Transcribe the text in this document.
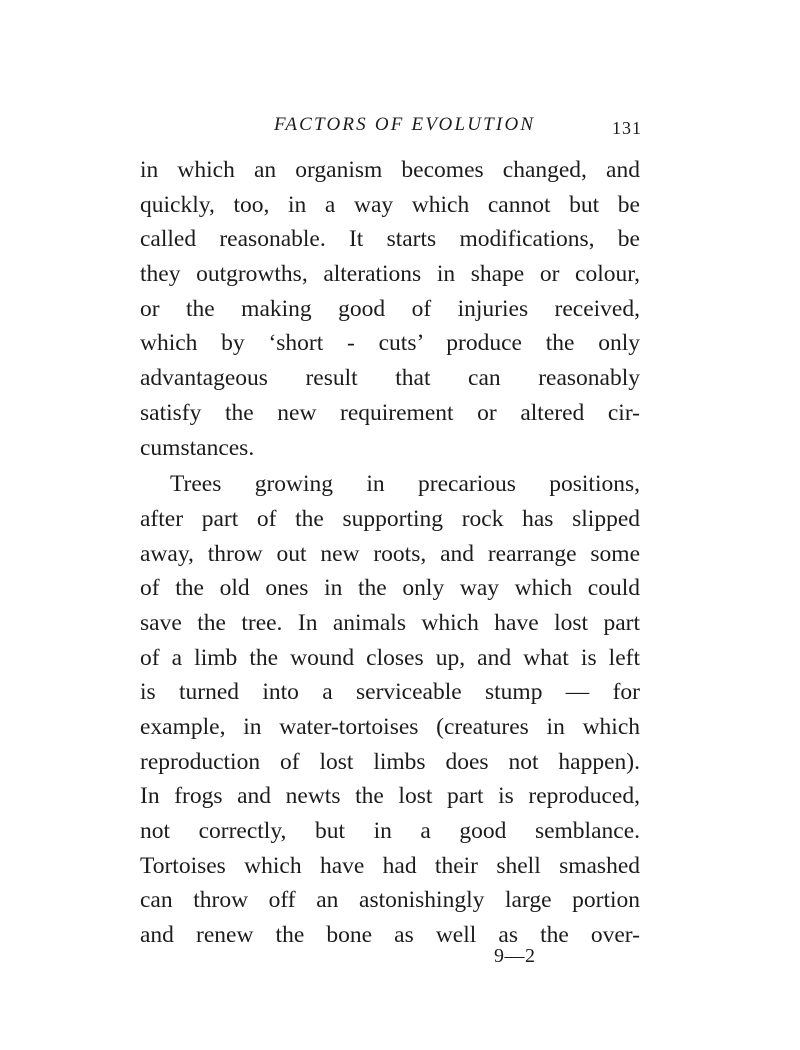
FACTORS OF EVOLUTION	131
in which an organism becomes changed, and
quickly, too, in a way which cannot but be
called reasonable. It starts modifications, be
they outgrowths, alterations in shape or colour,
or the making good of injuries received,
which by ‘short - cuts’ produce the only
advantageous result that can reasonably
satisfy the new requirement or altered cir-
cumstances.
Trees growing in precarious positions,
after part of the supporting rock has slipped
away, throw out new roots, and rearrange some
of the old ones in the only way which could
save the tree. In animals which have lost part
of a limb the wound closes up, and what is left
is turned into a serviceable stump — for
example, in water-tortoises (creatures in which
reproduction of lost limbs does not happen).
In frogs and newts the lost part is reproduced,
not correctly, but in a good semblance.
Tortoises which have had their shell smashed
can throw off an astonishingly large portion
and renew the bone as well as the over-
9—2
